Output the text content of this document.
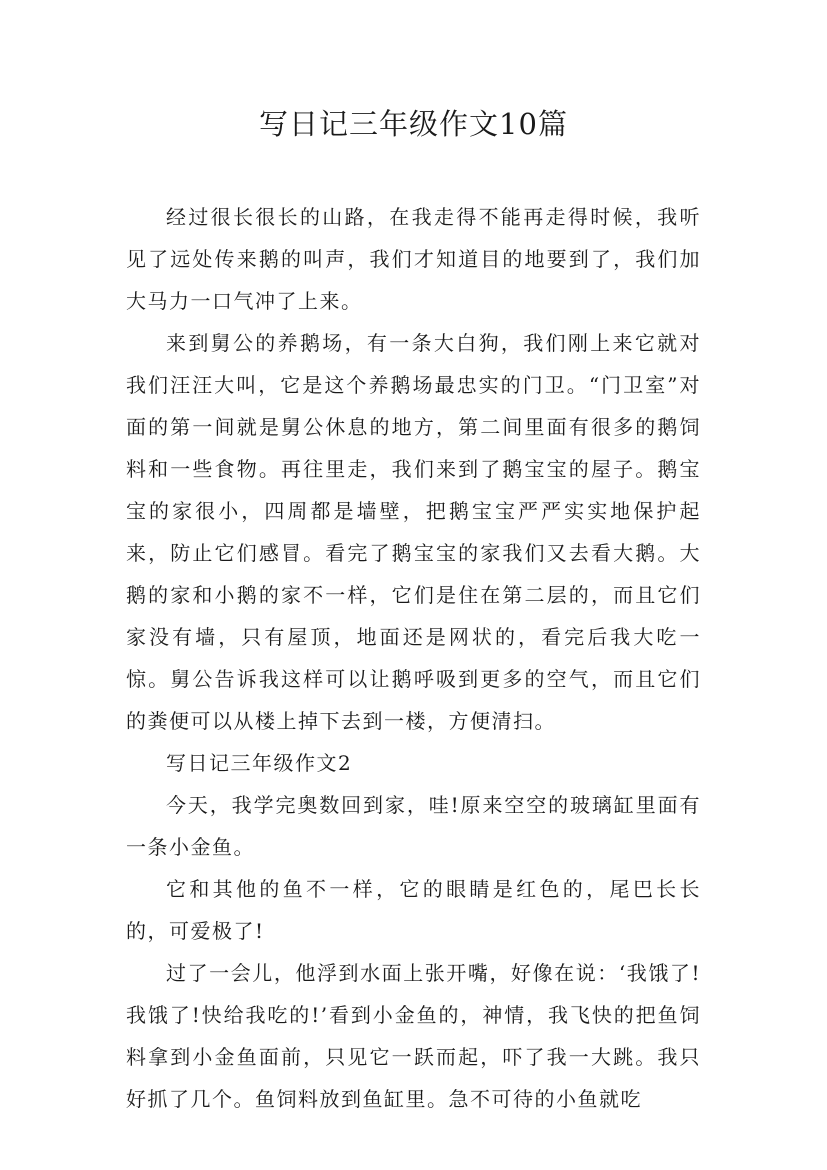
写日记三年级作文10篇

经过很长很长的山路，在我走得不能再走得时候，我听见了远处传来鹅的叫声，我们才知道目的地要到了，我们加大马力一口气冲了上来。

来到舅公的养鹅场，有一条大白狗，我们刚上来它就对我们汪汪大叫，它是这个养鹅场最忠实的门卫。“门卫室”对面的第一间就是舅公休息的地方，第二间里面有很多的鹅饲料和一些食物。再往里走，我们来到了鹅宝宝的屋子。鹅宝宝的家很小，四周都是墙壁，把鹅宝宝严严实实地保护起来，防止它们感冒。看完了鹅宝宝的家我们又去看大鹅。大鹅的家和小鹅的家不一样，它们是住在第二层的，而且它们家没有墙，只有屋顶，地面还是网状的，看完后我大吃一惊。舅公告诉我这样可以让鹅呼吸到更多的空气，而且它们的粪便可以从楼上掉下去到一楼，方便清扫。

写日记三年级作文2

今天，我学完奥数回到家，哇!原来空空的玻璃缸里面有一条小金鱼。

它和其他的鱼不一样，它的眼睛是红色的，尾巴长长的，可爱极了!

过了一会儿，他浮到水面上张开嘴，好像在说：‘我饿了!我饿了!快给我吃的!’看到小金鱼的，神情，我飞快的把鱼饲料拿到小金鱼面前，只见它一跃而起，吓了我一大跳。我只好抓了几个。鱼饲料放到鱼缸里。急不可待的小鱼就吃
